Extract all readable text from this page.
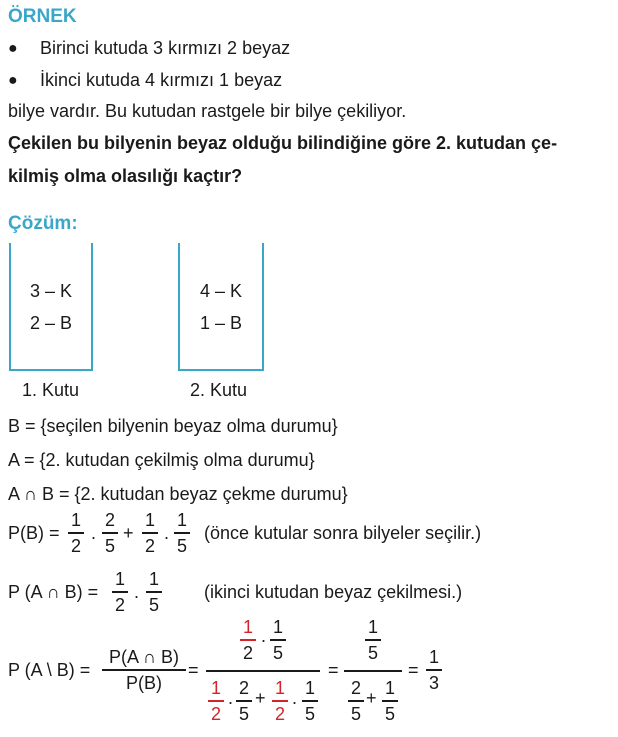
ÖRNEK
● Birinci kutuda 3 kırmızı 2 beyaz
● İkinci kutuda 4 kırmızı 1 beyaz
bilye vardır. Bu kutudan rastgele bir bilye çekiliyor.
Çekilen bu bilyenin beyaz olduğu bilindiğine göre 2. kutudan çe-
kilmiş olma olasılığı kaçtır?
Çözüm:
3 – K
2 – B
1. Kutu
4 – K
1 – B
2. Kutu
B = {seçilen bilyenin beyaz olma durumu}
A = {2. kutudan çekilmiş olma durumu}
A ∩ B = {2. kutudan beyaz çekme durumu}
P(B) =
1
2
.
2
5
+
1
2
.
1
5
(önce kutular sonra bilyeler seçilir.)
P (A ∩ B) =
1
2
.
1
5
(ikinci kutudan beyaz çekilmesi.)
P (A \ B) =
P(A ∩ B)
P(B)
=
1
2
. 1
5
1
2
. 2
5
+ 1
2
. 1
5
=
1
5
2
5
+ 1
5
=
1
3
